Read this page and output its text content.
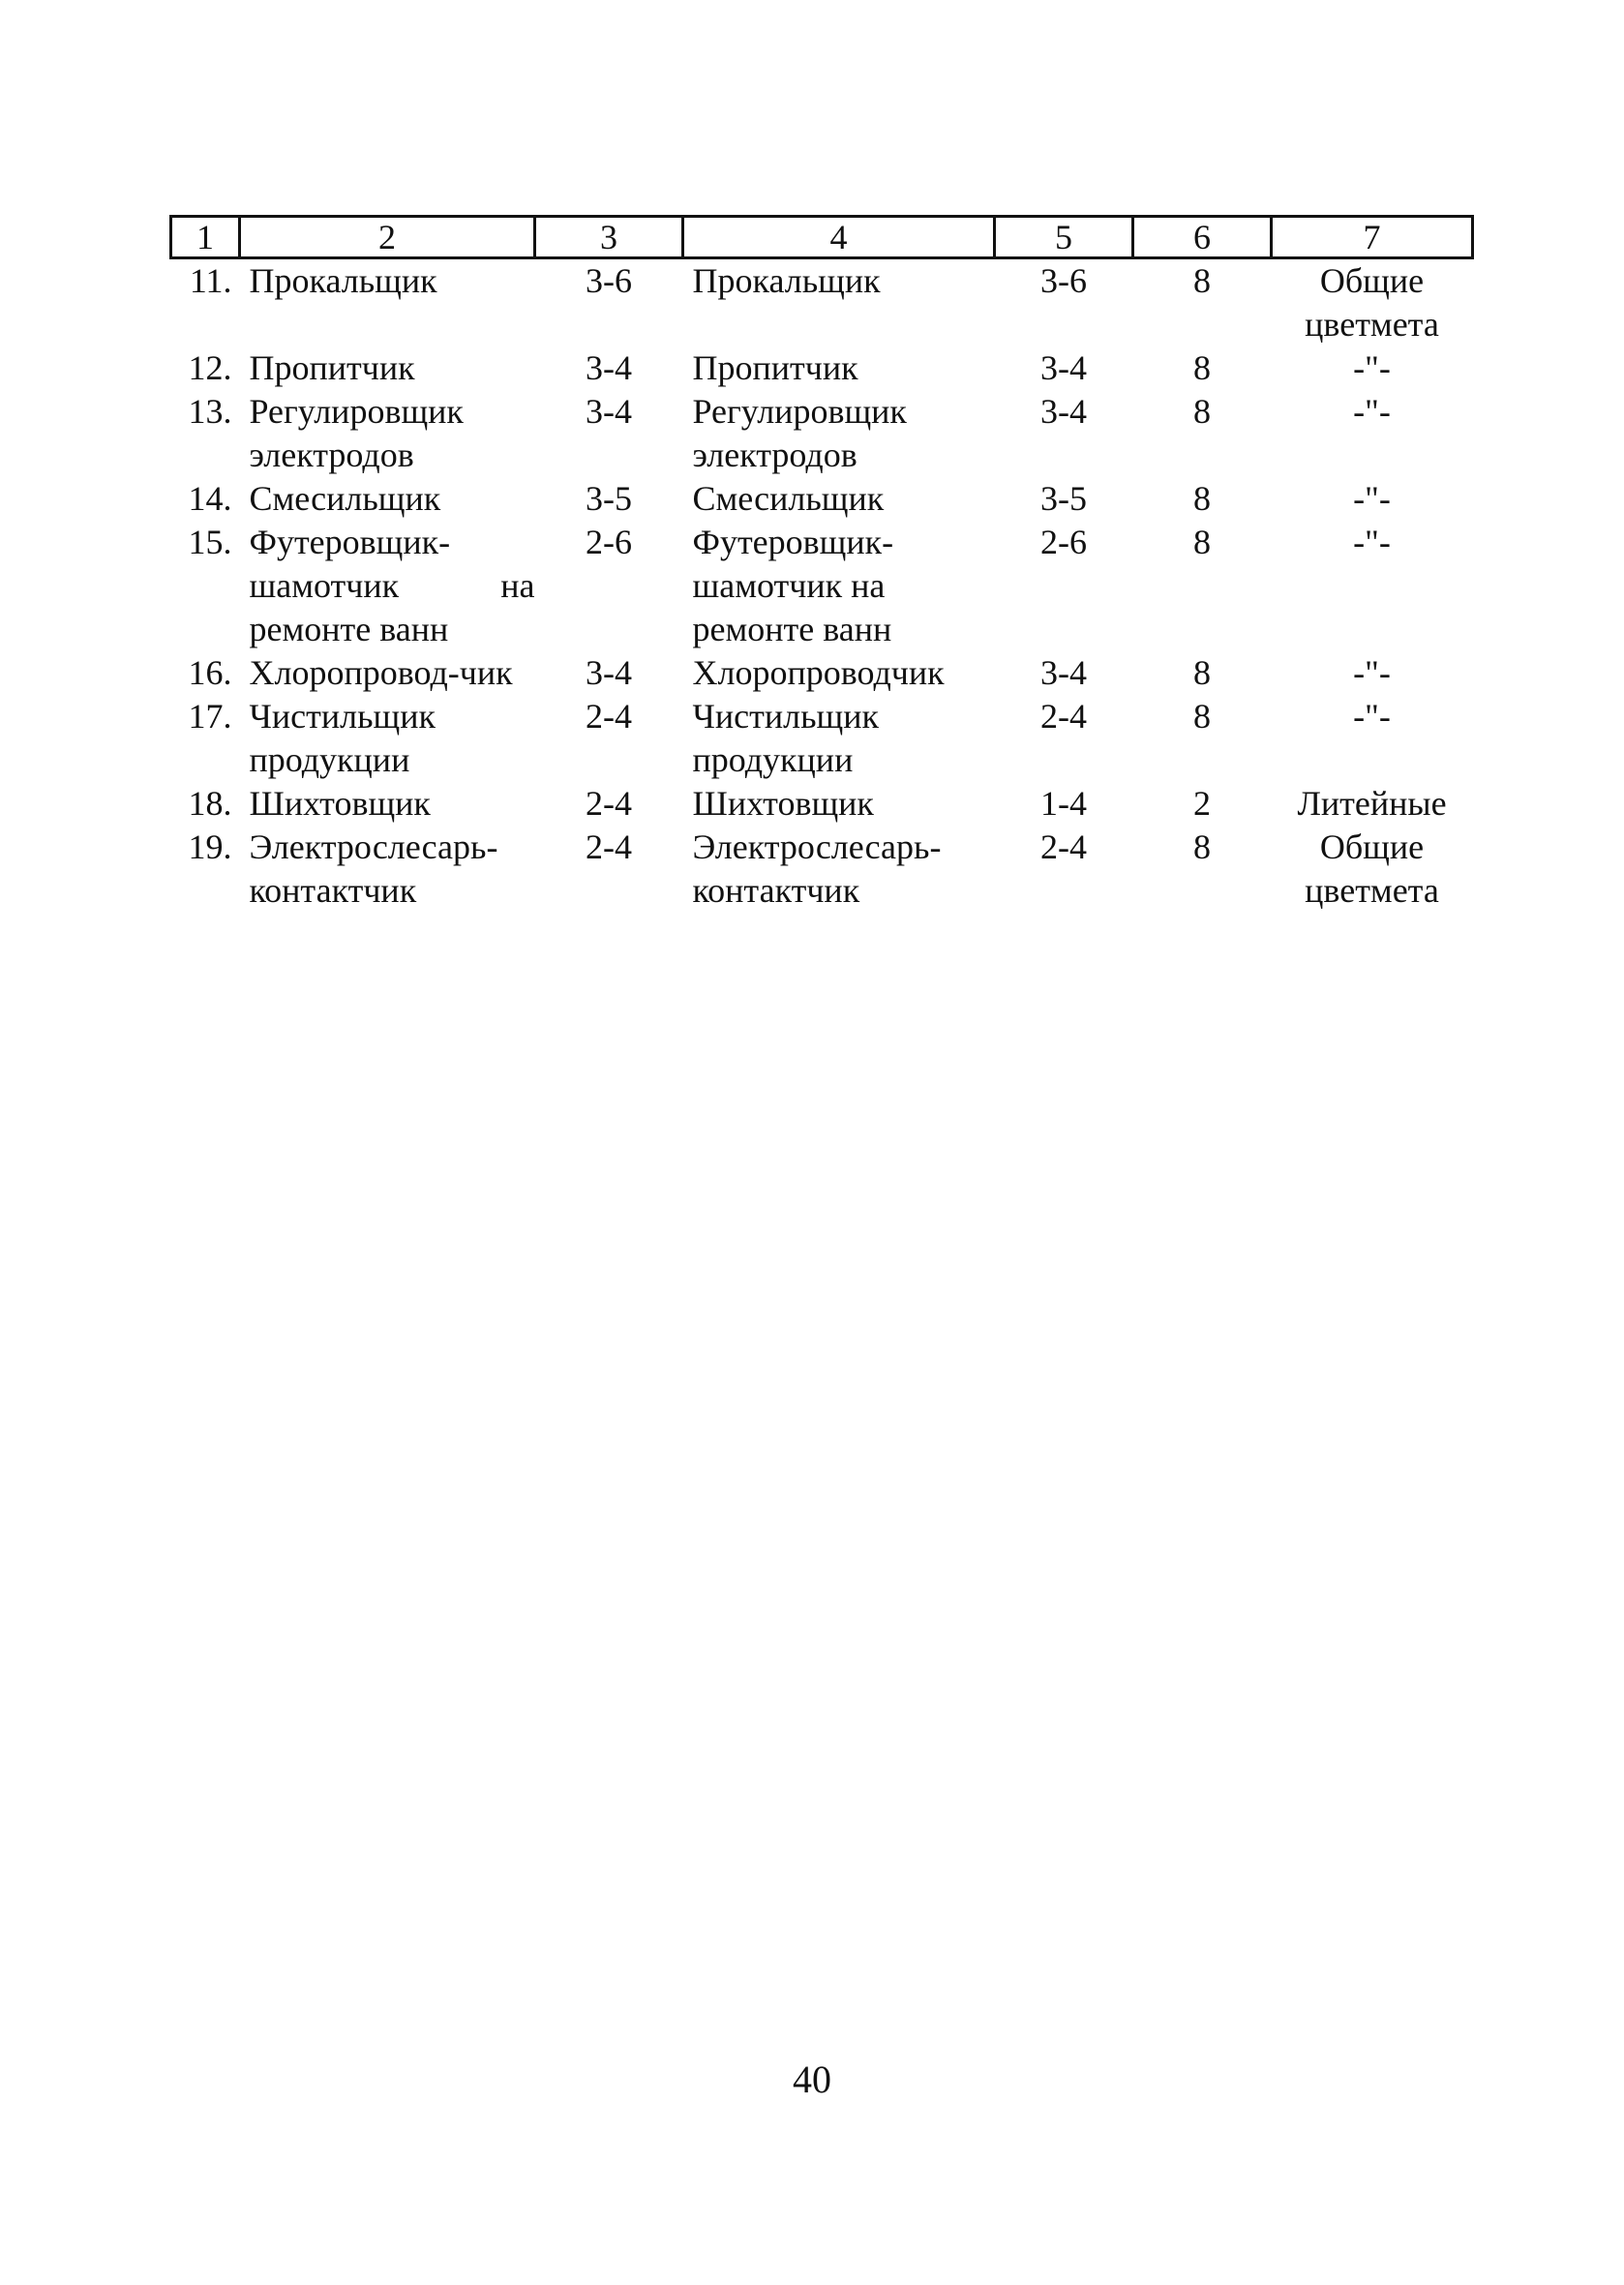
1	2	3	4	5	6	7
11.	Прокальщик	3-6	Прокальщик	3-6	8	Общие цветмета
12.	Пропитчик	3-4	Пропитчик	3-4	8	-"-
13.	Регулировщик электродов	3-4	Регулировщик электродов	3-4	8	-"-
14.	Смесильщик	3-5	Смесильщик	3-5	8	-"-
15.	Футеровщик-шамотчик на ремонте ванн	2-6	Футеровщик-шамотчик на ремонте ванн	2-6	8	-"-
16.	Хлоропровод-чик	3-4	Хлоропроводчик	3-4	8	-"-
17.	Чистильщик продукции	2-4	Чистильщик продукции	2-4	8	-"-
18.	Шихтовщик	2-4	Шихтовщик	1-4	2	Литейные
19.	Электрослесарь-контактчик	2-4	Электрослесарь-контактчик	2-4	8	Общие цветмета
40
